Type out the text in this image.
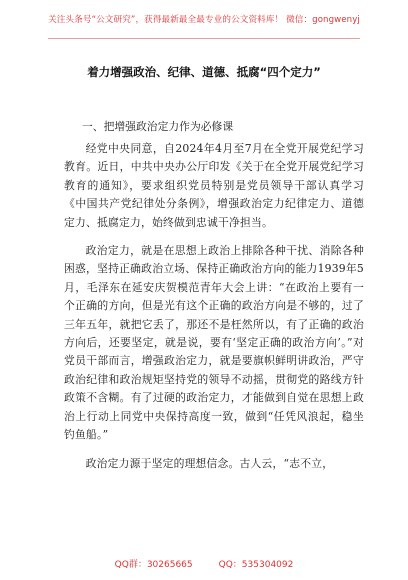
关注头条号“公文研究”，获得最新最全最专业的公文资料库！ 微信：gongwenyj
着力增强政治、纪律、道德、抵腐“四个定力”
一、把增强政治定力作为必修课

经党中央同意，自2024年4月至7月在全党开展党纪学习教育。近日，中共中央办公厅印发《关于在全党开展党纪学习教育的通知》，要求组织党员特别是党员领导干部认真学习《中国共产党纪律处分条例》，增强政治定力纪律定力、道德定力、抵腐定力，始终做到忠诚干净担当。

政治定力，就是在思想上政治上排除各种干扰、消除各种困惑，坚持正确政治立场、保持正确政治方向的能力1939年5月，毛泽东在延安庆贺模范青年大会上讲：“在政治上要有一个正确的方向，但是光有这个正确的政治方向是不够的，过了三年五年，就把它丢了，那还不是枉然所以，有了正确的政治方向后，还要坚定，就是说，要有‘坚定正确的政治方向’。”对党员干部而言，增强政治定力，就是要旗帜鲜明讲政治，严守政治纪律和政治规矩坚持党的领导不动摇，贯彻党的路线方针政策不含糊。有了过硬的政治定力，才能做到自觉在思想上政治上行动上同党中央保持高度一致，做到“任凭风浪起，稳坐钓鱼船。”

政治定力源于坚定的理想信念。古人云，“志不立，

QQ群：30265665	QQ：535304092
